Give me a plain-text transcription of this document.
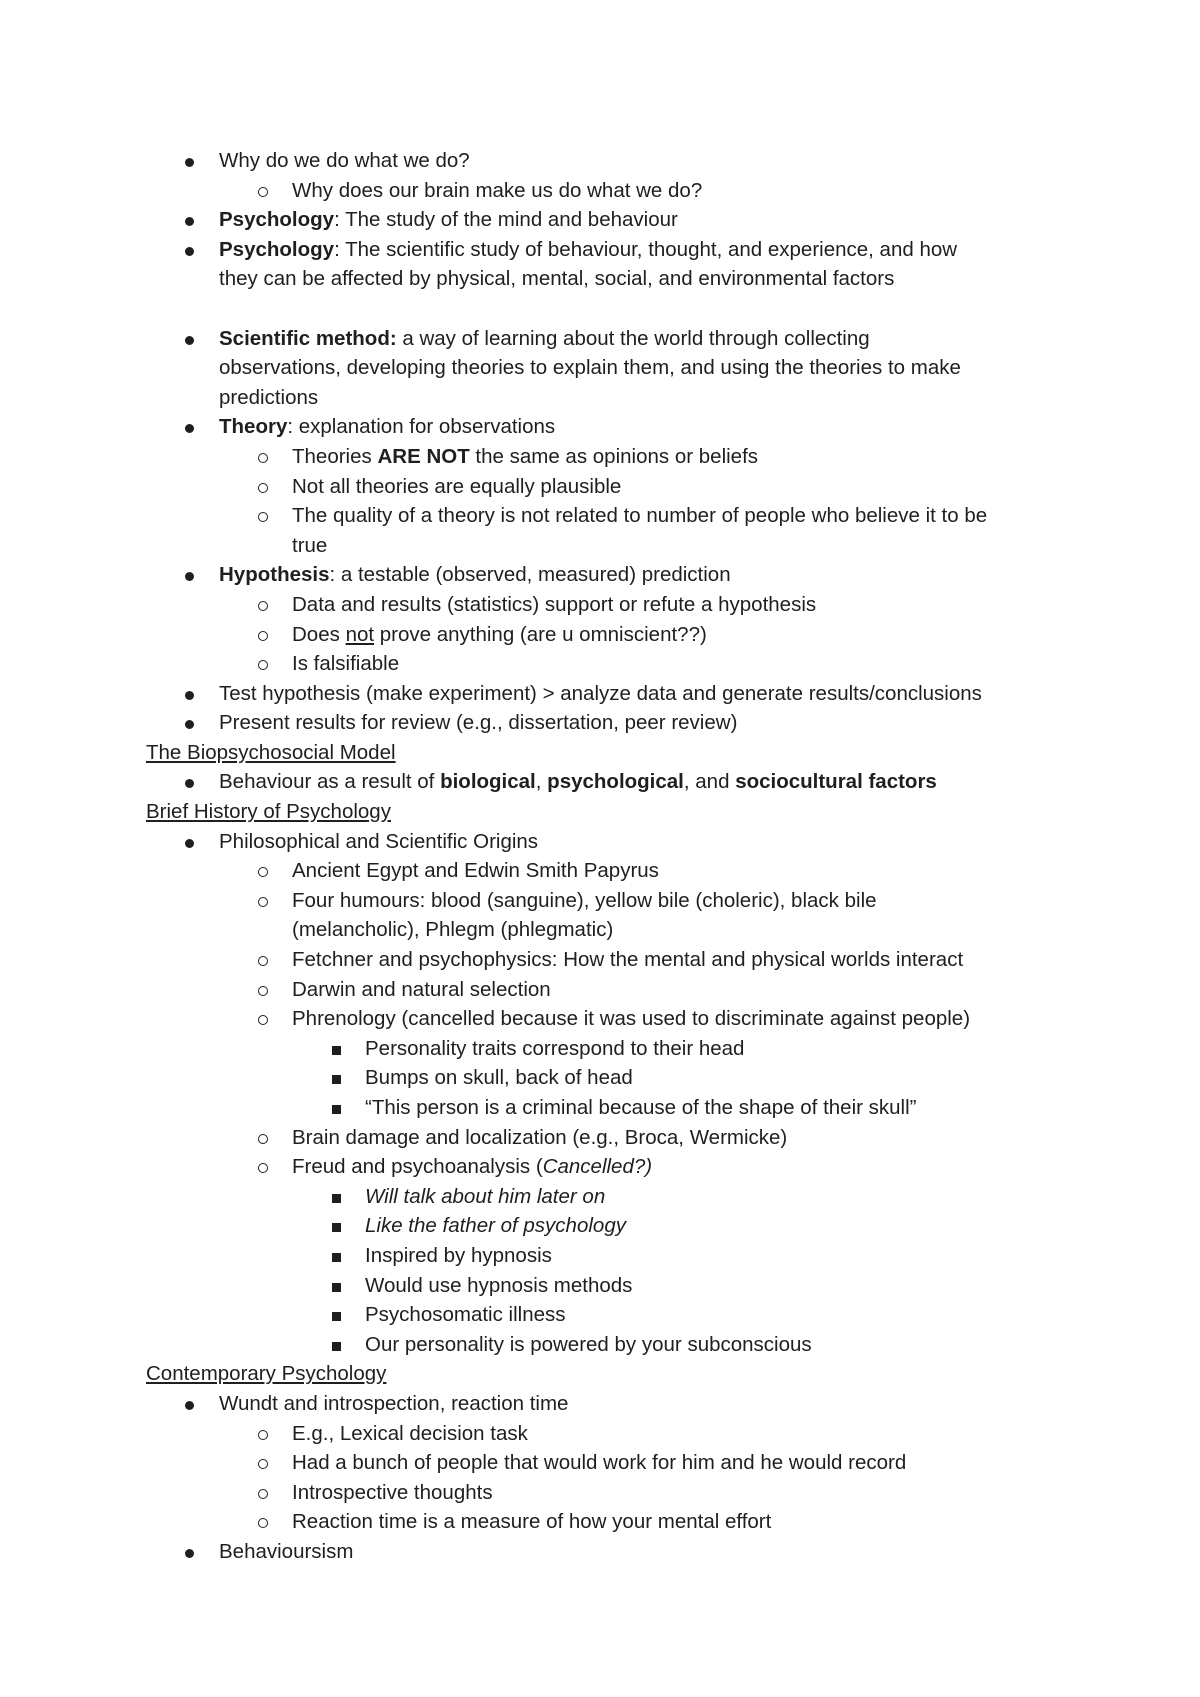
Why do we do what we do?
Why does our brain make us do what we do?
Psychology: The study of the mind and behaviour
Psychology: The scientific study of behaviour, thought, and experience, and how
they can be affected by physical, mental, social, and environmental factors
Scientific method: a way of learning about the world through collecting
observations, developing theories to explain them, and using the theories to make
predictions
Theory: explanation for observations
Theories ARE NOT the same as opinions or beliefs
Not all theories are equally plausible
The quality of a theory is not related to number of people who believe it to be
true
Hypothesis: a testable (observed, measured) prediction
Data and results (statistics) support or refute a hypothesis
Does not prove anything (are u omniscient??)
Is falsifiable
Test hypothesis (make experiment) > analyze data and generate results/conclusions
Present results for review (e.g., dissertation, peer review)
The Biopsychosocial Model
Behaviour as a result of biological, psychological, and sociocultural factors
Brief History of Psychology
Philosophical and Scientific Origins
Ancient Egypt and Edwin Smith Papyrus
Four humours: blood (sanguine), yellow bile (choleric), black bile
(melancholic), Phlegm (phlegmatic)
Fetchner and psychophysics: How the mental and physical worlds interact
Darwin and natural selection
Phrenology (cancelled because it was used to discriminate against people)
Personality traits correspond to their head
Bumps on skull, back of head
“This person is a criminal because of the shape of their skull”
Brain damage and localization (e.g., Broca, Wermicke)
Freud and psychoanalysis (Cancelled?)
Will talk about him later on
Like the father of psychology
Inspired by hypnosis
Would use hypnosis methods
Psychosomatic illness
Our personality is powered by your subconscious
Contemporary Psychology
Wundt and introspection, reaction time
E.g., Lexical decision task
Had a bunch of people that would work for him and he would record
Introspective thoughts
Reaction time is a measure of how your mental effort
Behavioursism
